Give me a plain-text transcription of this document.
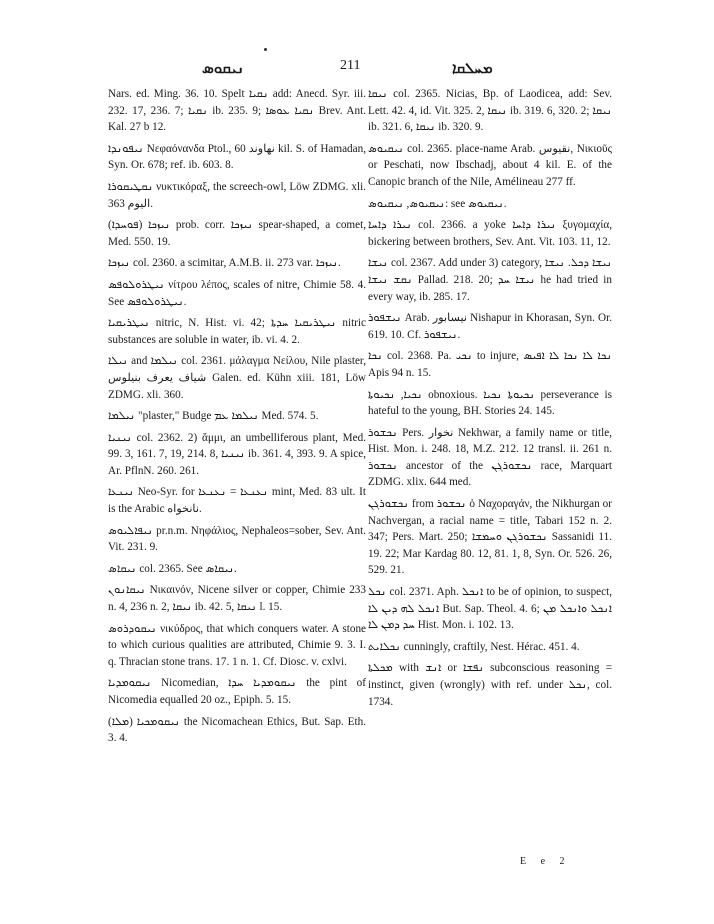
ܢܝܩܘܣ	211	ܡܚܠܩܐ

Nars. ed. Ming. 36. 10. Spelt ܢܩܝܐ add: Anecd. Syr. iii. 232. 17, 236. 7; ܢܩܝܐ ib. 235. 9; ܢܩܝܐ ܥܘܣܐ Brev. Ant. Kal. 27 b 12.

ܢܝܦܘܢܕܐ Νεφαόνανδα Ptol., نهاوند 60 kil. S. of Hamadan, Syn. Or. 678; ref. ib. 603. 8.

ܢܩܛܝܩܘܪܐ νυκτικόραξ, the screech-owl, Löw ZDMG. xli. 363 اليوم.

ܢܝܙܟܐ (ܦܘܚܕܐ) prob. corr. ܢܝܙܟܐ spear-shaped, a comet, Med. 550. 19.

ܢܝܙܟܐ col. 2360. a scimitar, A.M.B. ii. 273 var. ܢܝܙܟܐ.

ܢܝܛܪܘܠܘܦܣ νίτρου λέπος, scales of nitre, Chimie 58. 4. See ܢܝܛܪܘܠܘܦܣ.

ܢܝܛܪܝܩܝܐ nitric, N. Hist. vi. 42; ܢܝܛܪܝܩܝܐ ܚܕܬܐ nitric substances are soluble in water, ib. vi. 4. 2.

ܢܝܠܐ and ܢܝܠܡܐ col. 2361. μάλαγμα Νείλου, Nile plaster, شياف يعرف بنيلوس Galen. ed. Kühn xiii. 181, Löw ZDMG. xli. 360.

ܢܝܠܡܐ "plaster," Budge ܢܝܠܡܐ ܥܡ Med. 574. 5.

ܢܝܢܝܐ col. 2362. 2) ἄμμι, an umbelliferous plant, Med. 99. 3, 161. 7, 19, 214. 8, ܢܝܢܝܐ ib. 361. 4, 393. 9. A spice, Ar. PflnN. 260. 261.

ܢܝܢܥܐ Neo-Syr. for ܢܥܢܥܐ = ܢܥܢܥܐ mint, Med. 83 ult. It is the Arabic نانخواه.

ܢܝܦܐܠܝܘܣ pr.n.m. Νηφάλιος, Nephaleos=sober, Sev. Ant. Vit. 231. 9.

ܢܝܩܐܣ col. 2365. See ܢܝܩܐܣ.

ܢܝܩܐܢܘܢ Νικαινόν, Nicene silver or copper, Chimie 233 n. 4, 236 n. 2, ܢܝܩܐ ib. 42. 5, ܢܝܩܐ l. 15.

ܢܝܩܘܕܪܘܣ νικύδρος, that which conquers water. A stone to which curious qualities are attributed, Chimie 9. 3. I. q. Thracian stone trans. 17. 1 n. 1. Cf. Diosc. v. cxlvi.

ܢܝܩܘܡܕܝܐ Nicomedian, ܢܝܩܘܡܕܝܐ ܚܕܐ the pint of Nicomedia equalled 20 oz., Epiph. 5. 15.

ܢܝܩܘܡܟܝܐ (ܡܠܐ) the Nicomachean Ethics, But. Sap. Eth. 3. 4.

ܢܝܩܐ col. 2365. Nicias, Bp. of Laodicea, add: Sev. Lett. 42. 4, id. Vit. 325. 2, ܢܝܩܐ ib. 319. 6, 320. 2; ܢܝܩܐ ib. 321. 6, ܢܝܩܐ ib. 320. 9.

ܢܝܩܝܘܣ col. 2365. place-name Arab. نقيوس, Νικιοῦς or Peschati, now Ibschadj, about 4 kil. E. of the Canopic branch of the Nile, Amélineau 277 ff.

ܢܝܩܝܘܣ, ܢܝܩܝܘܣ: see ܢܝܩܝܘܣ.

ܢܝܪܐ ܕܐܚܐ col. 2366. a yoke ܢܝܪܐ ܕܐܚܐ ξυγομαχία, bickering between brothers, Sev. Ant. Vit. 103. 11, 12.

ܢܝܫܐ col. 2367. Add under 3) category, ܢܝܫܐ ܕܟܠ. ܢܝܫܐ ܢܩܫ ܢܝܫܐ Pallad. 218. 20; ܢܝܫܐ ܚܕ he had tried in every way, ib. 285. 17.

ܢܝܫܦܘܪ Arab. نيسابور Nishapur in Khorasan, Syn. Or. 619. 10. Cf. ܢܝܫܦܘܪ.

ܢܟܐ col. 2368. Pa. ܢܟܝ to injure, ܢܟܐ ܠܐ ܢܟܐ ܠܐ ܐܦܝܣ Apis 94 n. 15.

ܢܟܝܐ, ܢܟܝܘܬܐ obnoxious. ܢܟܝܘܬܐ ܢܟܝܐ perseverance is hateful to the young, BH. Stories 24. 145.

ܢܟܫܘܪ Pers. نخوار Nekhwar, a family name or title, Hist. Mon. i. 248. 18, M.Z. 212. 12 transl. ii. 261 n. ܢܟܫܘܪ ancestor of the ܢܟܫܘܪܓܢ race, Marquart ZDMG. xlix. 644 med.

ܢܟܫܘܪܓܢ from ܢܟܫܘܪ ὁ Ναχοραγάν, the Nikhurgan or Nachvergan, a racial name = title, Tabari 152 n. 2. 347; Pers. Mart. 250; ܢܟܫܘܪܓܢ ܘܚܡܫܐ Sassanidi 11. 19. 22; Mar Kardag 80. 12, 81. 1, 8, Syn. Or. 526. 26, 529. 21.

ܢܟܠ col. 2371. Aph. ܐܢܟܠ to be of opinion, to suspect, ܐܢܟܠ ܠܗ ܕܝܢ ܠܐ But. Sap. Theol. 4. 6; ܐܢܟܠ ܘܐܢܟܠ ܡܢ ܚܕ ܕܡܢ ܠܐ Hist. Mon. i. 102. 13.

ܢܟܠܐܝܬ cunningly, craftily, Nest. Hérac. 451. 4.

ܡܟܠܬܐ with ܐܢܫ or ܢܦܫܐ subconscious reasoning = instinct, given (wrongly) with ref. under ܢܟܠ, col. 1734.

E e 2
